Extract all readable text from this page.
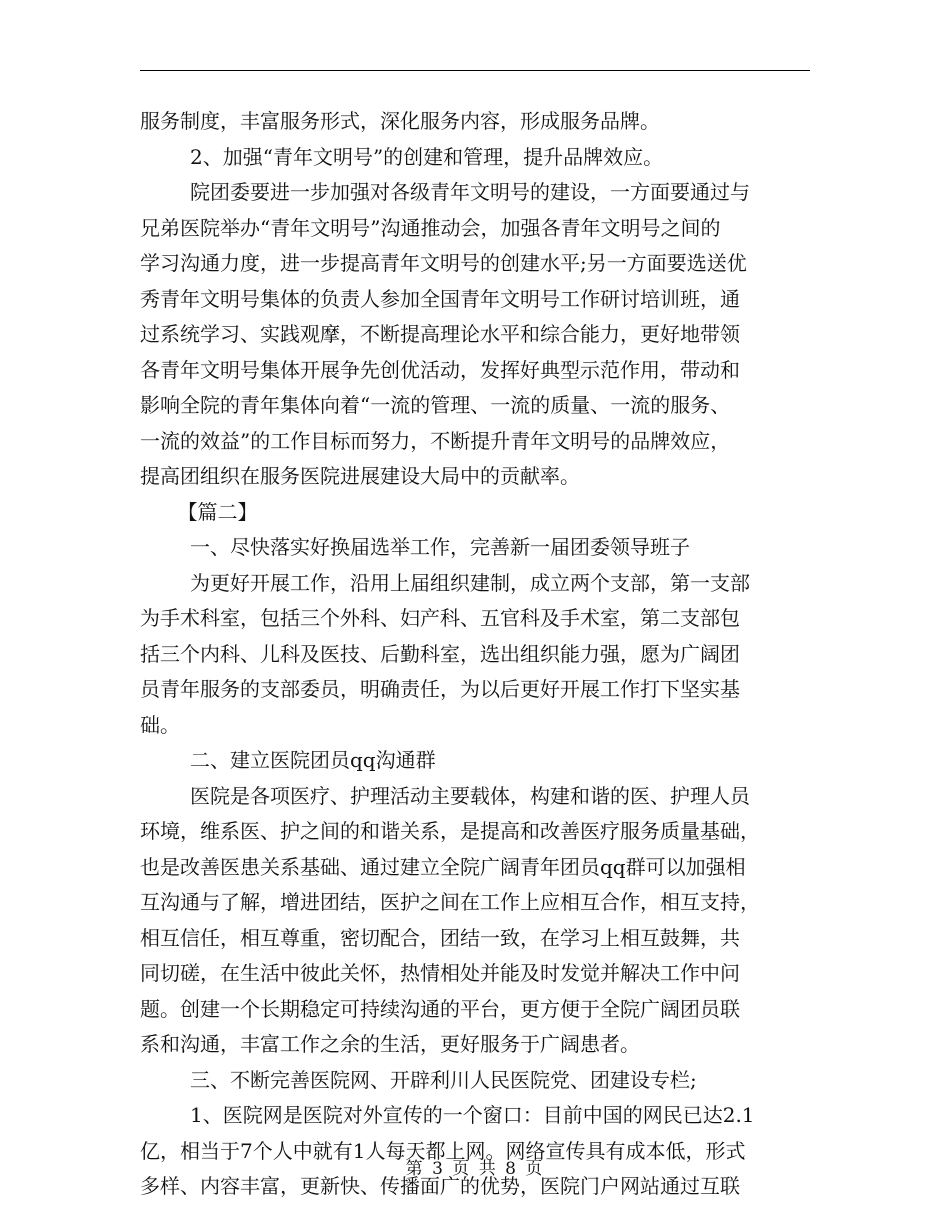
服务制度，丰富服务形式，深化服务内容，形成服务品牌。
2、加强“青年文明号”的创建和管理，提升品牌效应。
院团委要进一步加强对各级青年文明号的建设，一方面要通过与
兄弟医院举办“青年文明号”沟通推动会，加强各青年文明号之间的
学习沟通力度，进一步提高青年文明号的创建水平;另一方面要选送优
秀青年文明号集体的负责人参加全国青年文明号工作研讨培训班，通
过系统学习、实践观摩，不断提高理论水平和综合能力，更好地带领
各青年文明号集体开展争先创优活动，发挥好典型示范作用，带动和
影响全院的青年集体向着“一流的管理、一流的质量、一流的服务、
一流的效益”的工作目标而努力，不断提升青年文明号的品牌效应，
提高团组织在服务医院进展建设大局中的贡献率。
【篇二】
一、尽快落实好换届选举工作，完善新一届团委领导班子
为更好开展工作，沿用上届组织建制，成立两个支部，第一支部
为手术科室，包括三个外科、妇产科、五官科及手术室，第二支部包
括三个内科、儿科及医技、后勤科室，选出组织能力强，愿为广阔团
员青年服务的支部委员，明确责任，为以后更好开展工作打下坚实基
础。
二、建立医院团员qq沟通群
医院是各项医疗、护理活动主要载体，构建和谐的医、护理人员
环境，维系医、护之间的和谐关系，是提高和改善医疗服务质量基础，
也是改善医患关系基础、通过建立全院广阔青年团员qq群可以加强相
互沟通与了解，增进团结，医护之间在工作上应相互合作，相互支持，
相互信任，相互尊重，密切配合，团结一致，在学习上相互鼓舞，共
同切磋，在生活中彼此关怀，热情相处并能及时发觉并解决工作中问
题。创建一个长期稳定可持续沟通的平台，更方便于全院广阔团员联
系和沟通，丰富工作之余的生活，更好服务于广阔患者。
三、不断完善医院网、开辟利川人民医院党、团建设专栏;
1、医院网是医院对外宣传的一个窗口：目前中国的网民已达2.1
亿，相当于7个人中就有1人每天都上网。网络宣传具有成本低，形式
多样、内容丰富，更新快、传播面广的优势，医院门户网站通过互联
第 3 页 共 8 页
